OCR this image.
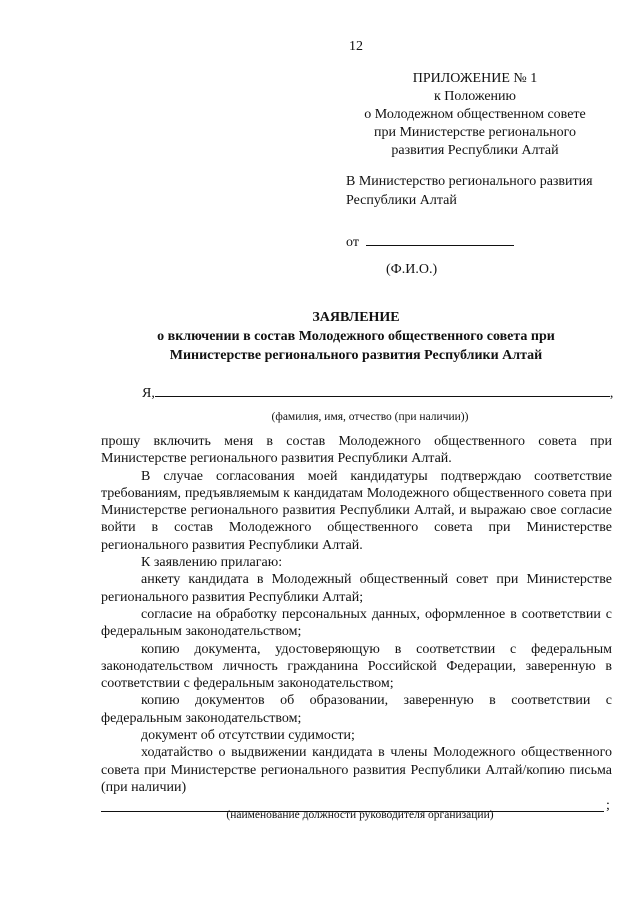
12
ПРИЛОЖЕНИЕ № 1
к Положению
о Молодежном общественном совете
при Министерстве регионального
развития Республики Алтай
В Министерство регионального развития
Республики Алтай
от
(Ф.И.О.)
ЗАЯВЛЕНИЕ
о включении в состав Молодежного общественного совета при
Министерстве регионального развития Республики Алтай
Я,	,
(фамилия, имя, отчество (при наличии))

прошу включить меня в состав Молодежного общественного совета при Министерстве регионального развития Республики Алтай.

В случае согласования моей кандидатуры подтверждаю соответствие требованиям, предъявляемым к кандидатам Молодежного общественного совета при Министерстве регионального развития Республики Алтай, и выражаю свое согласие войти в состав Молодежного общественного совета при Министерстве регионального развития Республики Алтай.

К заявлению прилагаю:

анкету кандидата в Молодежный общественный совет при Министерстве регионального развития Республики Алтай;

согласие на обработку персональных данных, оформленное в соответствии с федеральным законодательством;

копию документа, удостоверяющую в соответствии с федеральным законодательством личность гражданина Российской Федерации, заверенную в соответствии с федеральным законодательством;

копию документов об образовании, заверенную в соответствии с федеральным законодательством;

документ об отсутствии судимости;

ходатайство о выдвижении кандидата в члены Молодежного общественного совета при Министерстве регионального развития Республики Алтай/копию письма (при наличии)

;
(наименование должности руководителя организации)
